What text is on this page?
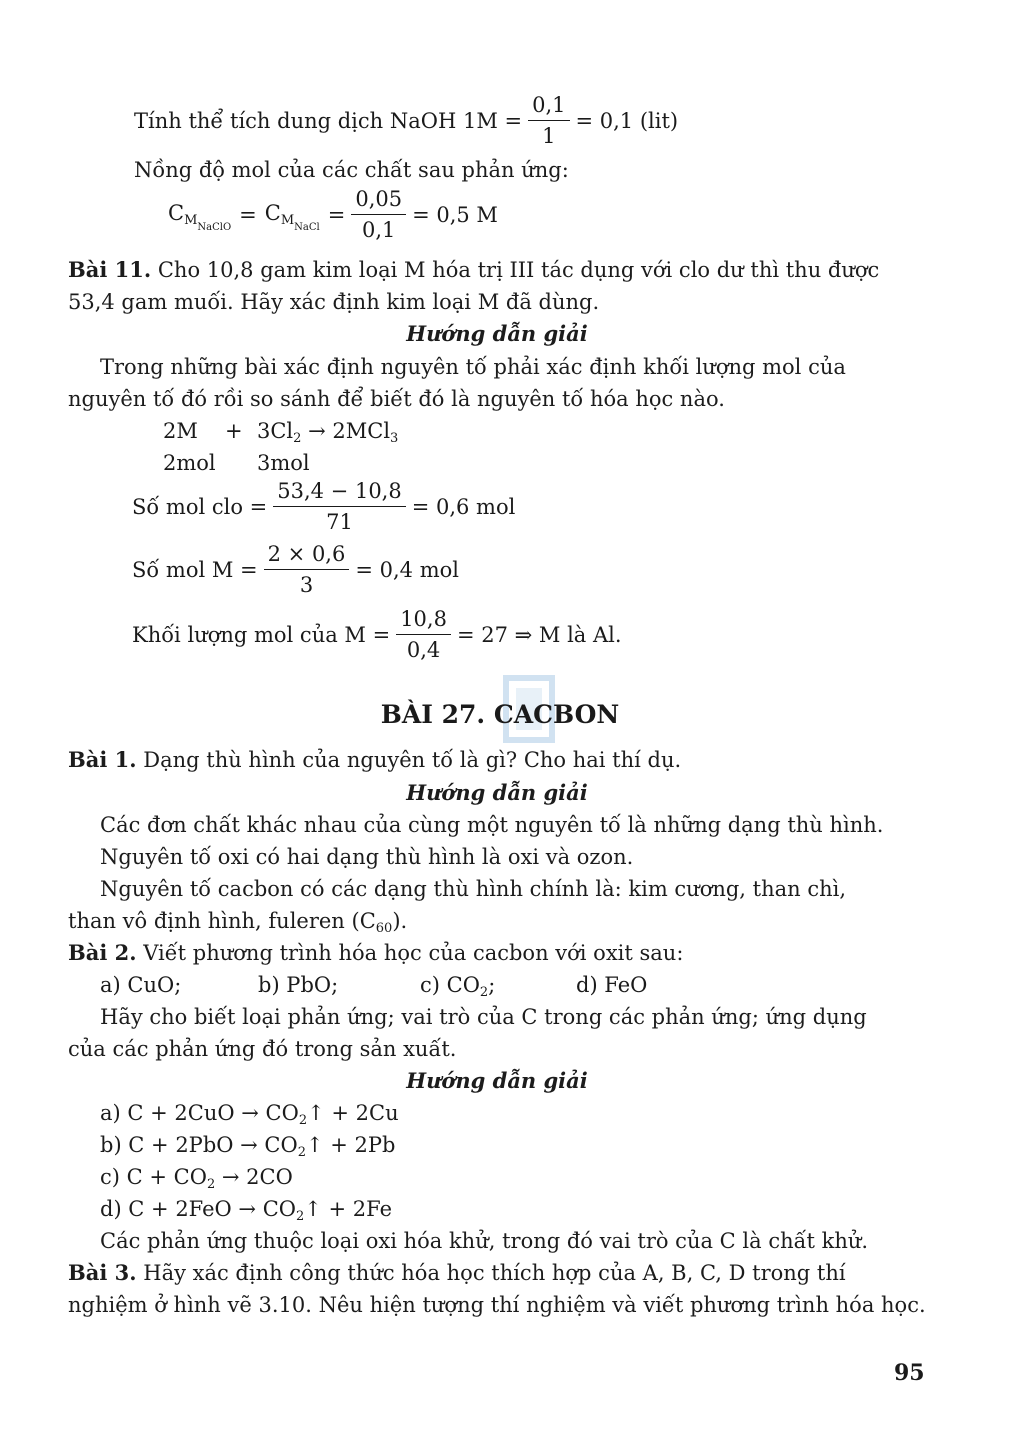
Tính thể tích dung dịch NaOH $1M = \frac{0,1}{1} = 0,1$ (lit)
Nồng độ mol của các chất sau phản ứng:
$C_{M_{NaClO}}$
= $C_{M_{NaCl}}$
= $\frac{0,05}{0,1} = 0,5$ M
Bài 11. Cho 10,8 gam kim loại M hóa trị III tác dụng với clo dư thì thu được
53,4 gam muối. Hãy xác định kim loại M đã dùng.
Hướng dẫn giải
Trong những bài xác định nguyên tố phải xác định khối lượng mol của
nguyên tố đó rồi so sánh để biết đó là nguyên tố hóa học nào.
$2M + 3Cl_2 \to 2MCl_3$
2mol 3mol
Số mol clo = $\frac{53,4 - 10,8}{71} = 0,6$ mol
Số mol $M = \frac{2 \times 0,6}{3} = 0,4$ mol
Khối lượng mol của $M = \frac{10,8}{0,4} = 27$ ⇒ M là Al.
BÀI 27. CACBON
Bài 1. Dạng thù hình của nguyên tố là gì? Cho hai thí dụ.
Hướng dẫn giải
Các đơn chất khác nhau của cùng một nguyên tố là những dạng thù hình.
Nguyên tố oxi có hai dạng thù hình là oxi và ozon.
Nguyên tố cacbon có các dạng thù hình chính là: kim cương, than chì,
than vô định hình, fuleren $(C_{60})$.
Bài 2. Viết phương trình hóa học của cacbon với oxit sau:
a) CuO;	b) PbO;	c) $CO_2$;	d) FeO
Hãy cho biết loại phản ứng; vai trò của C trong các phản ứng; ứng dụng
của các phản ứng đó trong sản xuất.
Hướng dẫn giải
a) $C + 2CuO \to CO_2↑ + 2Cu$
b) $C + 2PbO \to CO_2↑ + 2Pb$
c) $C + CO_2 \to 2CO$
d) $C + 2FeO \to CO_2↑ + 2Fe$
Các phản ứng thuộc loại oxi hóa khử, trong đó vai trò của C là chất khử.
Bài 3. Hãy xác định công thức hóa học thích hợp của A, B, C, D trong thí
nghiệm ở hình vẽ 3.10. Nêu hiện tượng thí nghiệm và viết phương trình hóa học.
95
